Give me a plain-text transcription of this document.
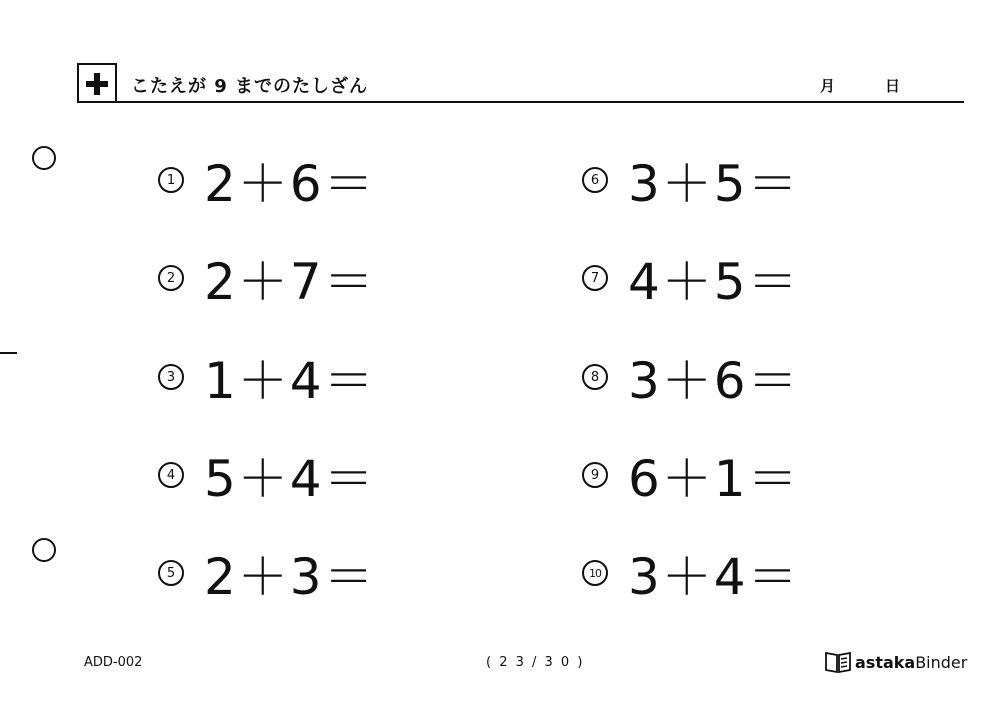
こたえが 9 までのたしざん	月	日
1 2＋6＝
2 2＋7＝
3 1＋4＝
4 5＋4＝
5 2＋3＝
6 3＋5＝
7 4＋5＝
8 3＋6＝
9 6＋1＝
10 3＋4＝
ADD-002	( 2 3 / 3 0 )	astaka Binder
